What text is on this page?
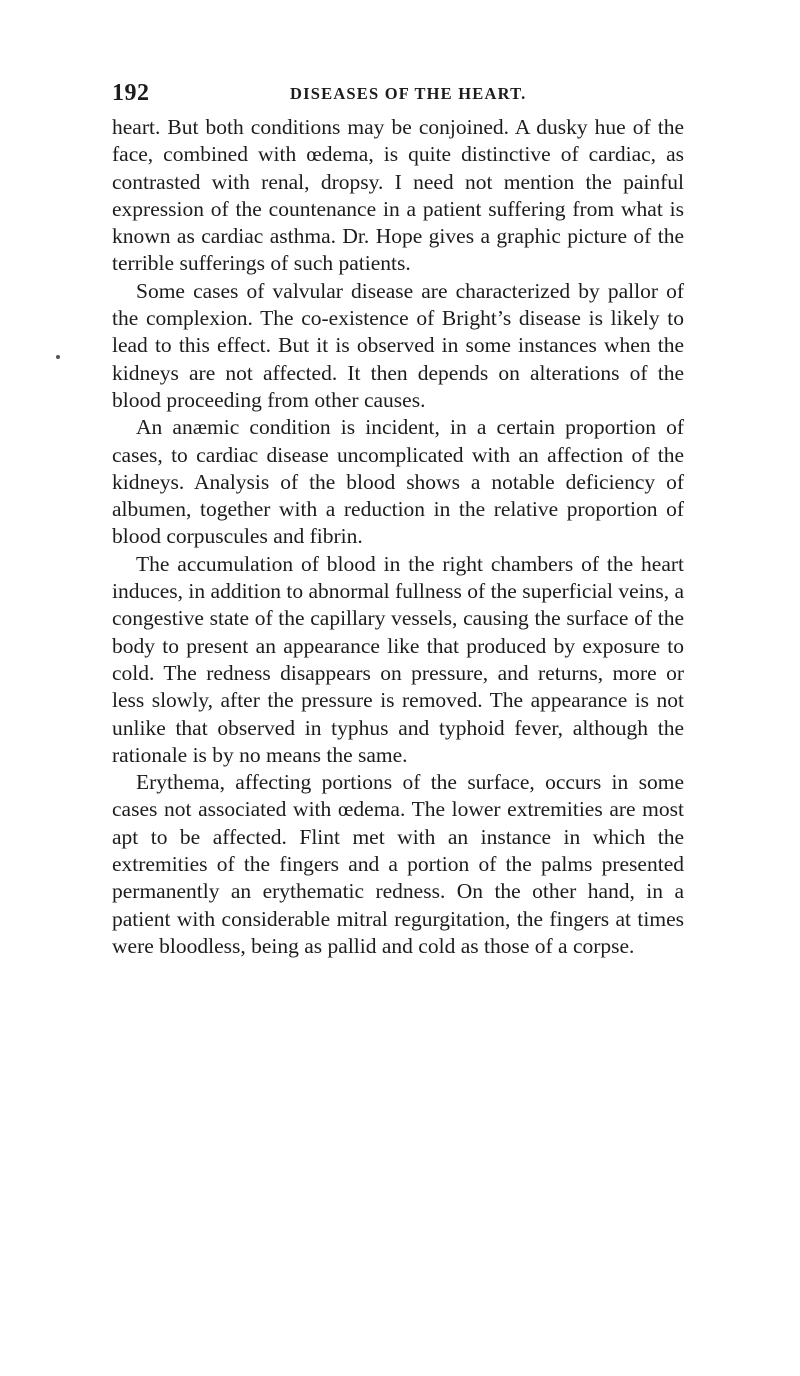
192	DISEASES OF THE HEART.

heart. But both conditions may be conjoined. A dusky hue of the face, combined with œdema, is quite distinctive of cardiac, as contrasted with renal, dropsy. I need not mention the painful expression of the countenance in a patient suffering from what is known as cardiac asthma. Dr. Hope gives a graphic picture of the terrible sufferings of such patients.

Some cases of valvular disease are characterized by pallor of the complexion. The co-existence of Bright’s disease is likely to lead to this effect. But it is observed in some instances when the kidneys are not affected. It then depends on alterations of the blood proceeding from other causes.

An anæmic condition is incident, in a certain proportion of cases, to cardiac disease uncomplicated with an affection of the kidneys. Analysis of the blood shows a notable deficiency of albumen, together with a reduction in the relative proportion of blood corpuscules and fibrin.

The accumulation of blood in the right chambers of the heart induces, in addition to abnormal fullness of the superficial veins, a congestive state of the capillary vessels, causing the surface of the body to present an appearance like that produced by exposure to cold. The redness disappears on pressure, and returns, more or less slowly, after the pressure is removed. The appearance is not unlike that observed in typhus and typhoid fever, although the rationale is by no means the same.

Erythema, affecting portions of the surface, occurs in some cases not associated with œdema. The lower extremities are most apt to be affected. Flint met with an instance in which the extremities of the fingers and a portion of the palms presented permanently an erythematic redness. On the other hand, in a patient with considerable mitral regurgitation, the fingers at times were bloodless, being as pallid and cold as those of a corpse.
